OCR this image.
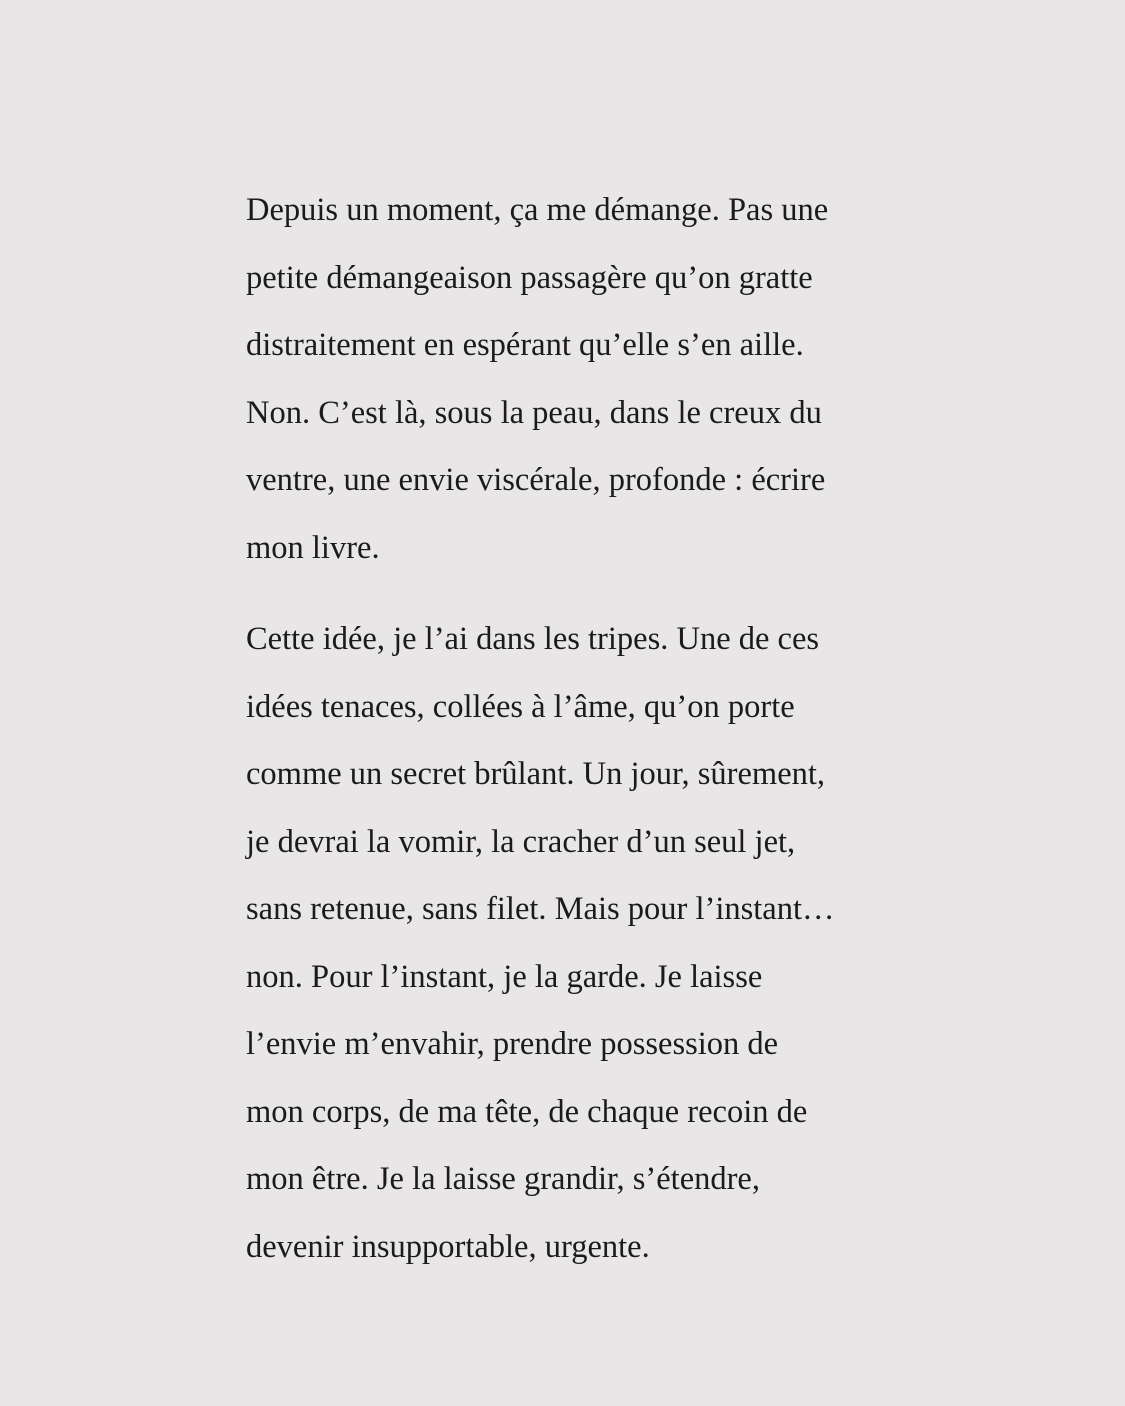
Depuis un moment, ça me démange. Pas une
petite démangeaison passagère qu’on gratte
distraitement en espérant qu’elle s’en aille.
Non. C’est là, sous la peau, dans le creux du
ventre, une envie viscérale, profonde : écrire
mon livre.

Cette idée, je l’ai dans les tripes. Une de ces
idées tenaces, collées à l’âme, qu’on porte
comme un secret brûlant. Un jour, sûrement,
je devrai la vomir, la cracher d’un seul jet,
sans retenue, sans filet. Mais pour l’instant…
non. Pour l’instant, je la garde. Je laisse
l’envie m’envahir, prendre possession de
mon corps, de ma tête, de chaque recoin de
mon être. Je la laisse grandir, s’étendre,
devenir insupportable, urgente.
